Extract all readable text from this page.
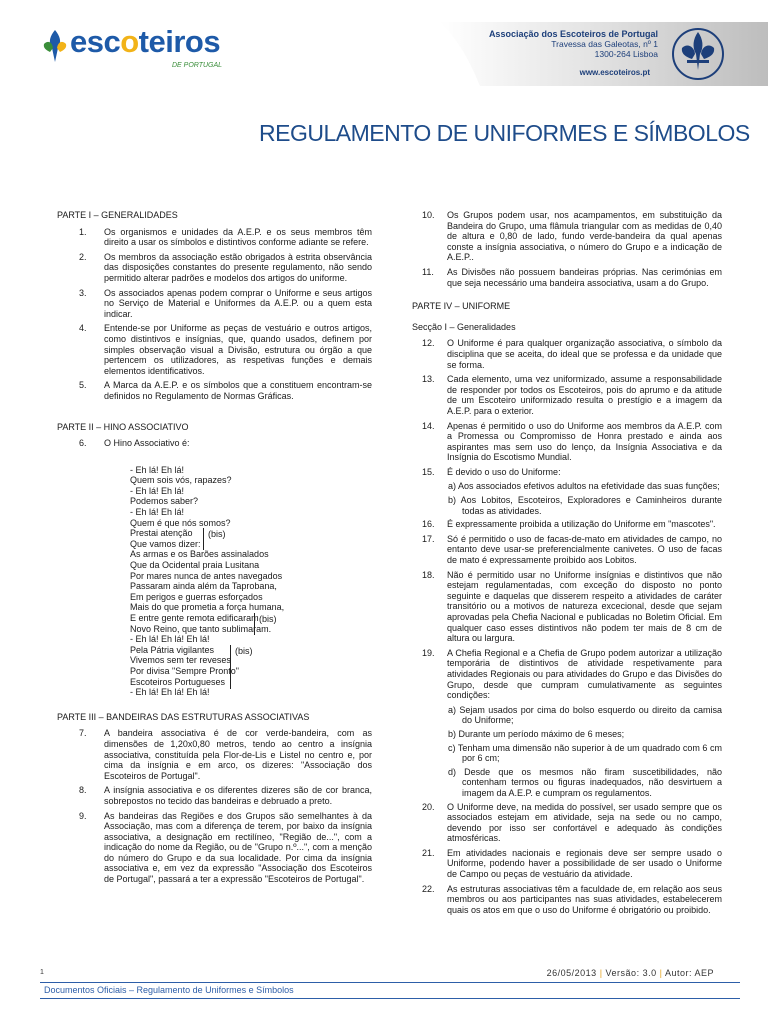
escoteiros
DE PORTUGAL
Associação dos Escoteiros de Portugal
Travessa das Galeotas, nº 1
1300-264 Lisboa
www.escoteiros.pt
REGULAMENTO DE UNIFORMES E SÍMBOLOS
PARTE I – GENERALIDADES
1. Os organismos e unidades da A.E.P. e os seus membros têm direito a usar os símbolos e distintivos conforme adiante se refere.
2. Os membros da associação estão obrigados à estrita observância das disposições constantes do presente regulamento, não sendo permitido alterar padrões e modelos dos artigos do uniforme.
3. Os associados apenas podem comprar o Uniforme e seus artigos no Serviço de Material e Uniformes da A.E.P. ou a quem esta indicar.
4. Entende-se por Uniforme as peças de vestuário e outros artigos, como distintivos e insígnias, que, quando usados, definem por simples observação visual a Divisão, estrutura ou órgão a que pertencem os utilizadores, as respetivas funções e demais elementos identificativos.
5. A Marca da A.E.P. e os símbolos que a constituem encontram-se definidos no Regulamento de Normas Gráficas.
PARTE II – HINO ASSOCIATIVO
6. O Hino Associativo é:
- Eh lá! Eh lá!
Quem sois vós, rapazes?
- Eh lá! Eh lá!
Podemos saber?
- Eh lá! Eh lá!
Quem é que nós somos?
Prestai atenção
Que vamos dizer:
As armas e os Barões assinalados
Que da Ocidental praia Lusitana
Por mares nunca de antes navegados
Passaram ainda além da Taprobana,
Em perigos e guerras esforçados
Mais do que prometia a força humana,
E entre gente remota edificaram
Novo Reino, que tanto sublimaram.
- Eh lá! Eh lá! Eh lá!
Pela Pátria vigilantes
Vivemos sem ter reveses
Por divisa "Sempre Pronto"
Escoteiros Portugueses
- Eh lá! Eh lá! Eh lá!
(bis)
(bis)
(bis)
PARTE III – BANDEIRAS DAS ESTRUTURAS ASSOCIATIVAS
7. A bandeira associativa é de cor verde-bandeira, com as dimensões de 1,20x0,80 metros, tendo ao centro a insígnia associativa, constituída pela Flor-de-Lis e Listel no centro e, por cima da insígnia e em arco, os dizeres: "Associação dos Escoteiros de Portugal".
8. A insígnia associativa e os diferentes dizeres são de cor branca, sobrepostos no tecido das bandeiras e debruado a preto.
9. As bandeiras das Regiões e dos Grupos são semelhantes à da Associação, mas com a diferença de terem, por baixo da insígnia associativa, a designação em rectilíneo, "Região de...", com a indicação do nome da Região, ou de "Grupo n.º...", com a menção do número do Grupo e da sua localidade. Por cima da insígnia associativa e, em vez da expressão "Associação dos Escoteiros de Portugal", passará a ter a expressão "Escoteiros de Portugal".
10. Os Grupos podem usar, nos acampamentos, em substituição da Bandeira do Grupo, uma flâmula triangular com as medidas de 0,40 de altura e 0,80 de lado, fundo verde-bandeira da qual apenas conste a insígnia associativa, o número do Grupo e a indicação de A.E.P..
11. As Divisões não possuem bandeiras próprias. Nas cerimónias em que seja necessário uma bandeira associativa, usam a do Grupo.
PARTE IV – UNIFORME
Secção I – Generalidades
12. O Uniforme é para qualquer organização associativa, o símbolo da disciplina que se aceita, do ideal que se professa e da unidade que se forma.
13. Cada elemento, uma vez uniformizado, assume a responsabilidade de responder por todos os Escoteiros, pois do aprumo e da atitude de um Escoteiro uniformizado resulta o prestígio e a imagem da A.E.P. para o exterior.
14. Apenas é permitido o uso do Uniforme aos membros da A.E.P. com a Promessa ou Compromisso de Honra prestado e ainda aos aspirantes mas sem uso do lenço, da Insígnia Associativa e da Insígnia do Escotismo Mundial.
15. É devido o uso do Uniforme:
a) Aos associados efetivos adultos na efetividade das suas funções;
b) Aos Lobitos, Escoteiros, Exploradores e Caminheiros durante todas as atividades.
16. É expressamente proibida a utilização do Uniforme em "mascotes".
17. Só é permitido o uso de facas-de-mato em atividades de campo, no entanto deve usar-se preferencialmente canivetes. O uso de facas de mato é expressamente proibido aos Lobitos.
18. Não é permitido usar no Uniforme insígnias e distintivos que não estejam regulamentadas, com exceção do disposto no ponto seguinte e daquelas que disserem respeito a atividades de caráter transitório ou a motivos de natureza excecional, desde que sejam aprovadas pela Chefia Nacional e publicadas no Boletim Oficial. Em qualquer caso esses distintivos não podem ter mais de 8 cm de altura ou largura.
19. A Chefia Regional e a Chefia de Grupo podem autorizar a utilização temporária de distintivos de atividade respetivamente para atividades Regionais ou para atividades do Grupo e das Divisões do Grupo, desde que cumpram cumulativamente as seguintes condições:
a) Sejam usados por cima do bolso esquerdo ou direito da camisa do Uniforme;
b) Durante um período máximo de 6 meses;
c) Tenham uma dimensão não superior à de um quadrado com 6 cm por 6 cm;
d) Desde que os mesmos não firam suscetibilidades, não contenham termos ou figuras inadequados, não desvirtuem a imagem da A.E.P. e cumpram os regulamentos.
20. O Uniforme deve, na medida do possível, ser usado sempre que os associados estejam em atividade, seja na sede ou no campo, devendo por isso ser confortável e adequado às condições atmosféricas.
21. Em atividades nacionais e regionais deve ser sempre usado o Uniforme, podendo haver a possibilidade de ser usado o Uniforme de Campo ou peças de vestuário da atividade.
22. As estruturas associativas têm a faculdade de, em relação aos seus membros ou aos participantes nas suas atividades, estabelecerem quais os atos em que o uso do Uniforme é obrigatório ou proibido.
1	26/05/2013 | Versão: 3.0 | Autor: AEP
Documentos Oficiais – Regulamento de Uniformes e Símbolos
